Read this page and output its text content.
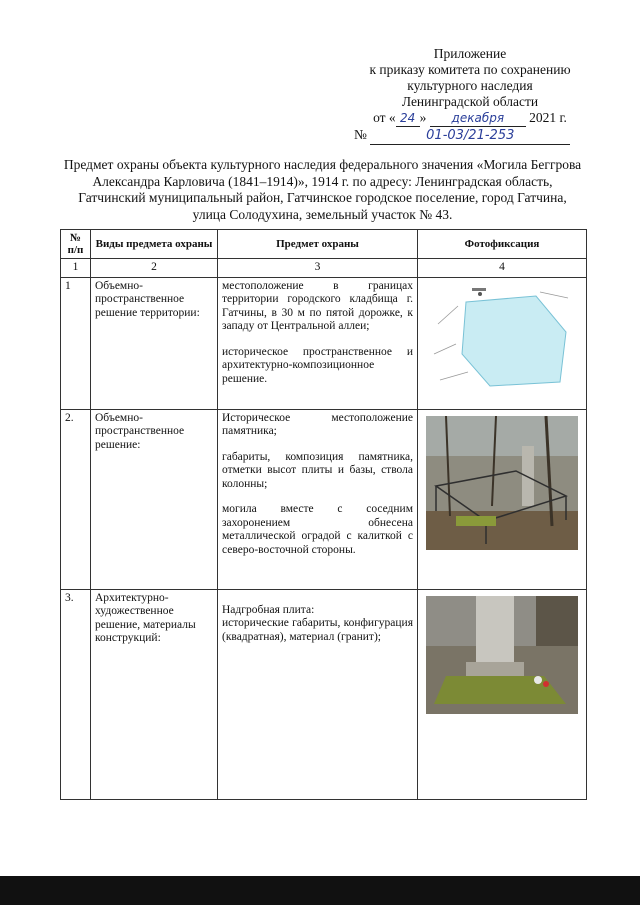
Приложение
к приказу комитета по сохранению
культурного наследия
Ленинградской области
от « 24 » декабря 2021 г.
№	01-03/21-253
Предмет охраны объекта культурного наследия федерального значения «Могила Беггрова Александра Карловича (1841–1914)», 1914 г. по адресу: Ленинградская область, Гатчинский муниципальный район, Гатчинское городское поселение, город Гатчина, улица Солодухина, земельный участок № 43.
№ п/п	Виды предмета охраны	Предмет охраны	Фотофиксация
1	2	3	4
1	Объемно-пространственное решение территории:	местоположение в границах территории городского кладбища г. Гатчины, в 30 м по пятой дорожке, к западу от Центральной аллеи;
историческое пространственное и архитектурно-композиционное решение.

2.	Объемно-пространственное решение:	Историческое местоположение памятника;
габариты, композиция памятника, отметки высот плиты и базы, ствола колонны;
могила вместе с соседним захоронением обнесена металлической оградой с калиткой с северо-восточной стороны.

3.	Архитектурно-художественное решение, материалы конструкций:	Надгробная плита:
исторические габариты, конфигурация (квадратная), материал (гранит);
